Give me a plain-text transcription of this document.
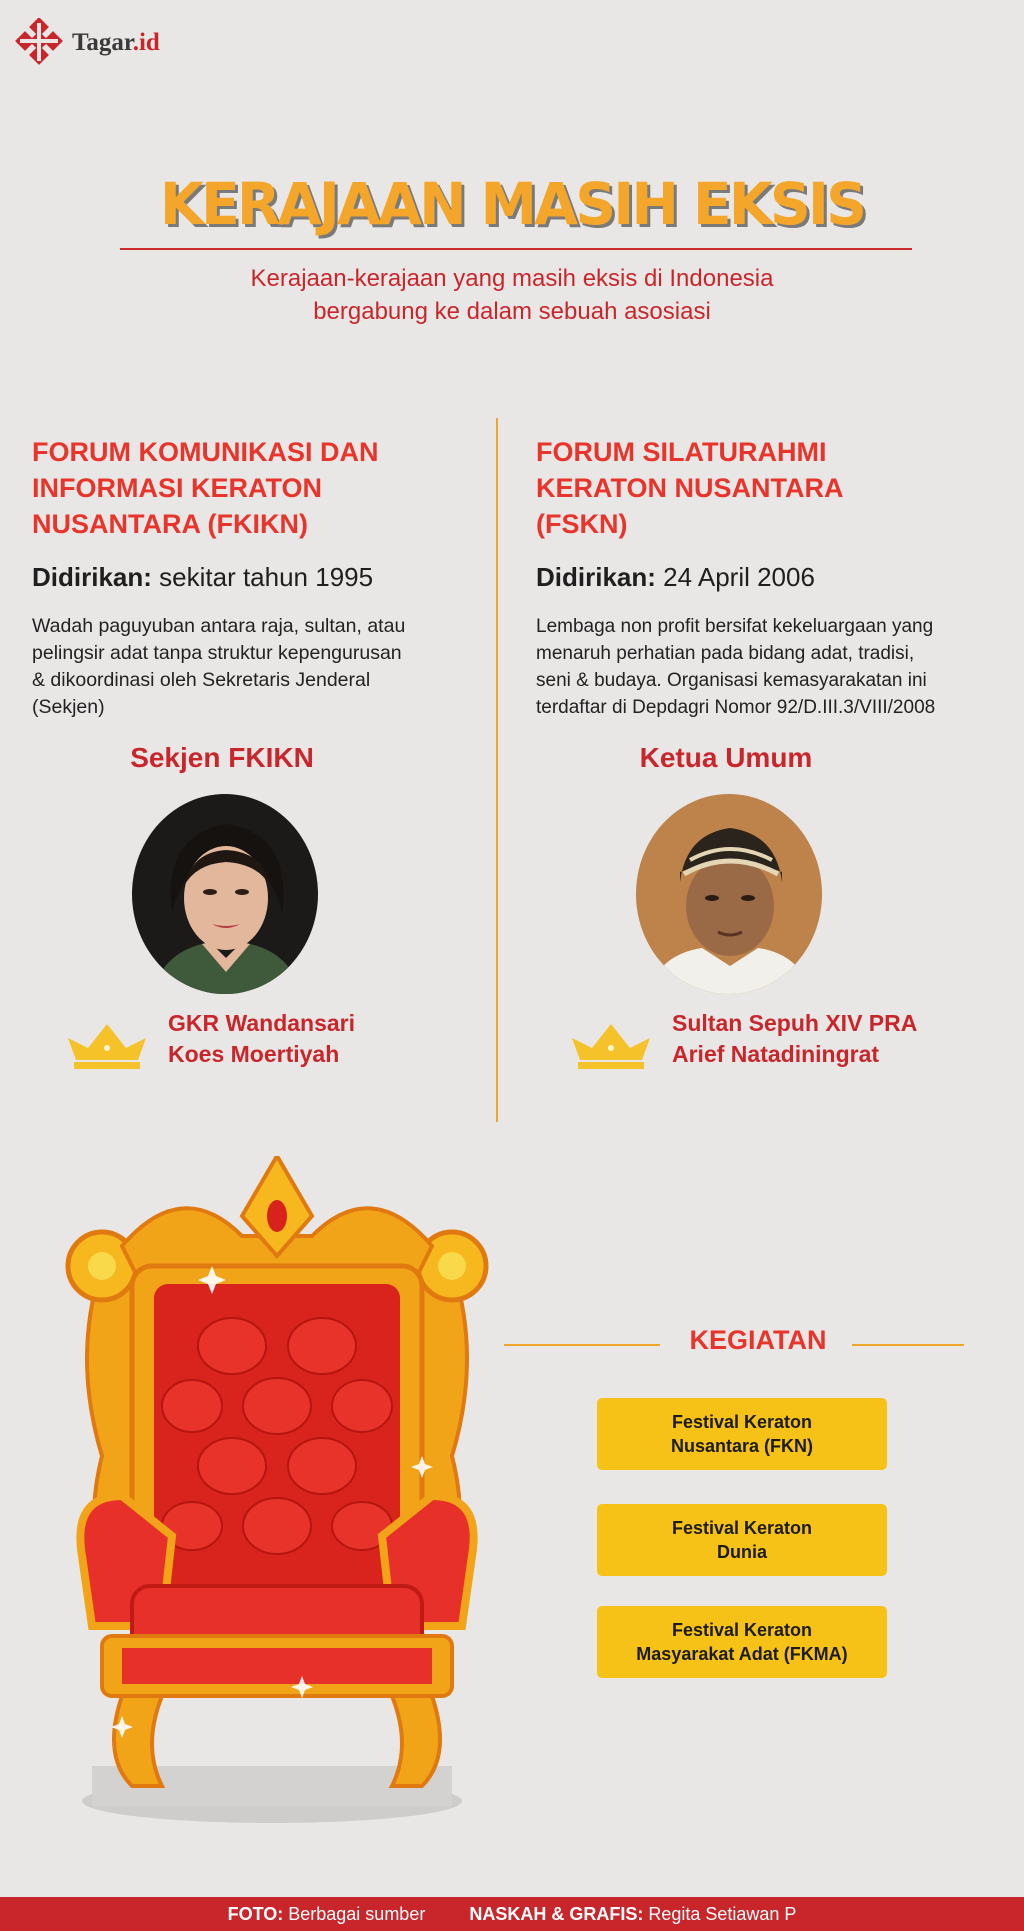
Tagar.id
KERAJAAN MASIH EKSIS
Kerajaan-kerajaan yang masih eksis di Indonesia
bergabung ke dalam sebuah asosiasi
FORUM KOMUNIKASI DAN
INFORMASI KERATON
NUSANTARA (FKIKN)
Didirikan: sekitar tahun 1995
Wadah paguyuban antara raja, sultan, atau
pelingsir adat tanpa struktur kepengurusan
& dikoordinasi oleh Sekretaris Jenderal
(Sekjen)
FORUM SILATURAHMI
KERATON NUSANTARA
(FSKN)
Didirikan: 24 April 2006
Lembaga non profit bersifat kekeluargaan yang
menaruh perhatian pada bidang adat, tradisi,
seni & budaya. Organisasi kemasyarakatan ini
terdaftar di Depdagri Nomor 92/D.III.3/VIII/2008
Sekjen FKIKN	Ketua Umum
GKR Wandansari
Koes Moertiyah
Sultan Sepuh XIV PRA
Arief Natadiningrat
KEGIATAN
Festival Keraton
Nusantara (FKN)
Festival Keraton
Dunia
Festival Keraton
Masyarakat Adat (FKMA)
FOTO: Berbagai sumber NASKAH & GRAFIS: Regita Setiawan P
